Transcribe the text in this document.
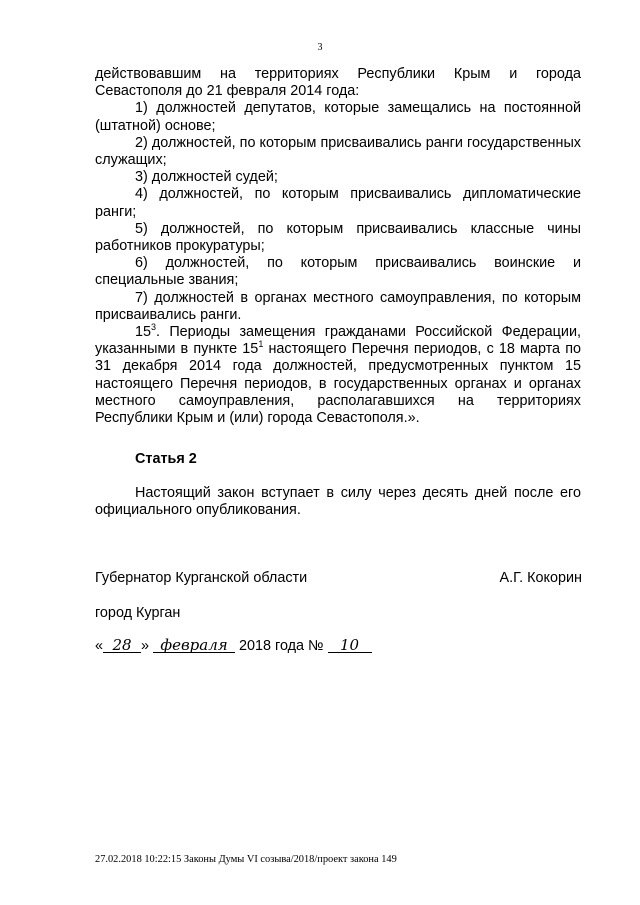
3

действовавшим на территориях Республики Крым и города Севастополя до 21 февраля 2014 года:

1) должностей депутатов, которые замещались на постоянной (штатной) основе;

2) должностей, по которым присваивались ранги государственных служащих;

3) должностей судей;

4) должностей, по которым присваивались дипломатические ранги;

5) должностей, по которым присваивались классные чины работников прокуратуры;

6) должностей, по которым присваивались воинские и специальные звания;

7) должностей в органах местного самоуправления, по которым присваивались ранги.

$15^3$. Периоды замещения гражданами Российской Федерации, указанными в пункте $15^1$ настоящего Перечня периодов, с 18 марта по 31 декабря 2014 года должностей, предусмотренных пунктом 15 настоящего Перечня периодов, в государственных органах и органах местного самоуправления, располагавшихся на территориях Республики Крым и (или) города Севастополя.».

Статья 2
Настоящий закон вступает в силу через десять дней после его официального опубликования.
Губернатор Курганской области	А.Г. Кокорин
город Курган
« 28 » февраля 2018 года № 10
27.02.2018 10:22:15 Законы Думы VI созыва/2018/проект закона 149
